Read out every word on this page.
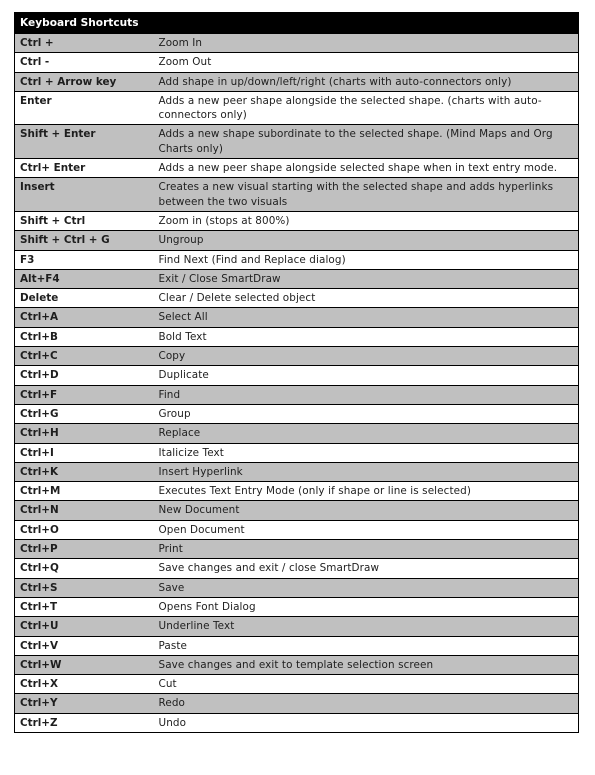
Keyboard Shortcuts	
Ctrl +	Zoom In
Ctrl -	Zoom Out
Ctrl + Arrow key	Add shape in up/down/left/right (charts with auto-connectors only)
Enter	Adds a new peer shape alongside the selected shape. (charts with auto-connectors only)
Shift + Enter	Adds a new shape subordinate to the selected shape. (Mind Maps and Org Charts only)
Ctrl+ Enter	Adds a new peer shape alongside selected shape when in text entry mode.
Insert	Creates a new visual starting with the selected shape and adds hyperlinks between the two visuals
Shift + Ctrl	Zoom in (stops at 800%)
Shift + Ctrl + G	Ungroup
F3	Find Next (Find and Replace dialog)
Alt+F4	Exit / Close SmartDraw
Delete	Clear / Delete selected object
Ctrl+A	Select All
Ctrl+B	Bold Text
Ctrl+C	Copy
Ctrl+D	Duplicate
Ctrl+F	Find
Ctrl+G	Group
Ctrl+H	Replace
Ctrl+I	Italicize Text
Ctrl+K	Insert Hyperlink
Ctrl+M	Executes Text Entry Mode (only if shape or line is selected)
Ctrl+N	New Document
Ctrl+O	Open Document
Ctrl+P	Print
Ctrl+Q	Save changes and exit / close SmartDraw
Ctrl+S	Save
Ctrl+T	Opens Font Dialog
Ctrl+U	Underline Text
Ctrl+V	Paste
Ctrl+W	Save changes and exit to template selection screen
Ctrl+X	Cut
Ctrl+Y	Redo
Ctrl+Z	Undo
